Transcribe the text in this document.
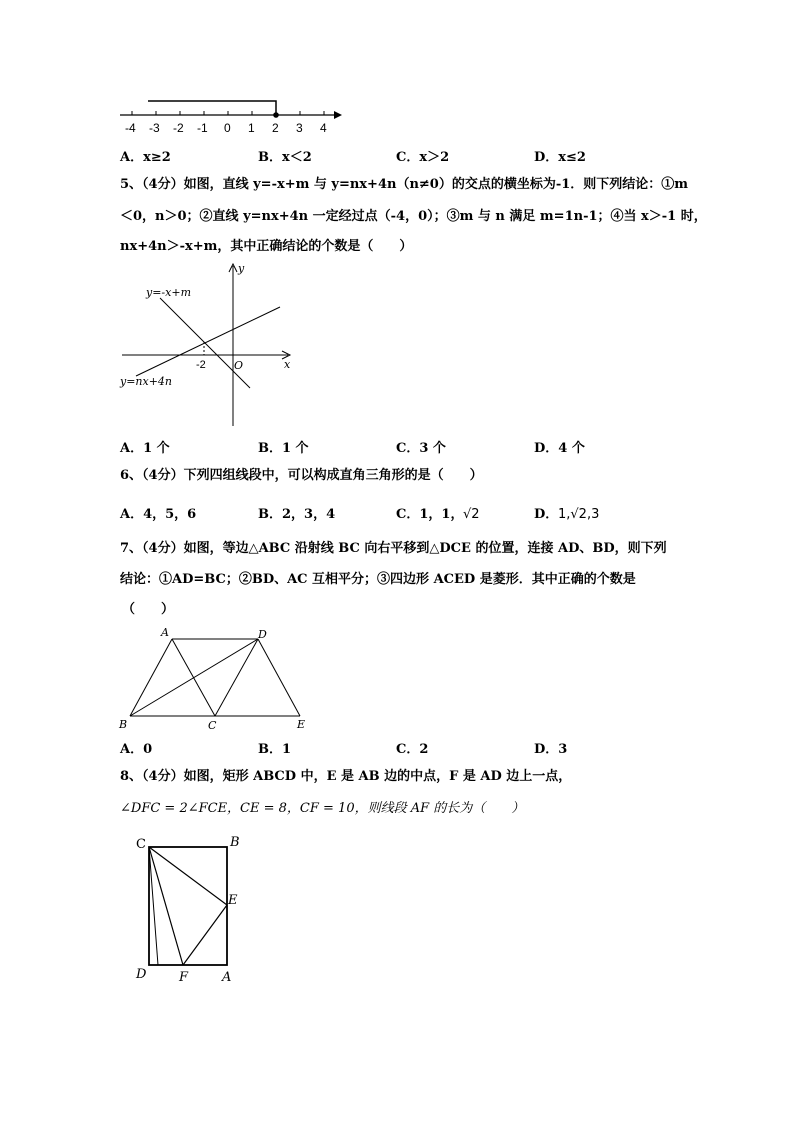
-4 -3 -2 -1 0 1 2 3 4
A．x≥2	B．x＜2	C．x＞2	D．x≤2
5、（4分）如图，直线 y=-x+m 与 y=nx+4n（n≠0）的交点的横坐标为-1．则下列结论：①m
＜0，n＞0；②直线 y=nx+4n 一定经过点（-4，0）；③m 与 n 满足 m=1n-1；④当 x＞-1 时，
nx+4n＞-x+m，其中正确结论的个数是（　　）
y
x
O
-2
y=-x+m
y=nx+4n
A．1 个	B．1 个	C．3 个	D．4 个
6、（4分）下列四组线段中，可以构成直角三角形的是（　　）
A．4，5，6	B．2，3，4	C．1，1， √2	D． 1,√2,3
7、（4分）如图，等边△ABC 沿射线 BC 向右平移到△DCE 的位置，连接 AD、BD，则下列
结论：①AD=BC；②BD、AC 互相平分；③四边形 ACED 是菱形．其中正确的个数是
（　　）
A	D
B	C	E
A．0	B．1	C．2	D．3
8、（4分）如图，矩形 ABCD 中，E 是 AB 边的中点，F 是 AD 边上一点，
∠DFC = 2∠FCE，CE = 8，CF = 10，则线段 AF 的长为（　　）
C	B
E
D	F	A
